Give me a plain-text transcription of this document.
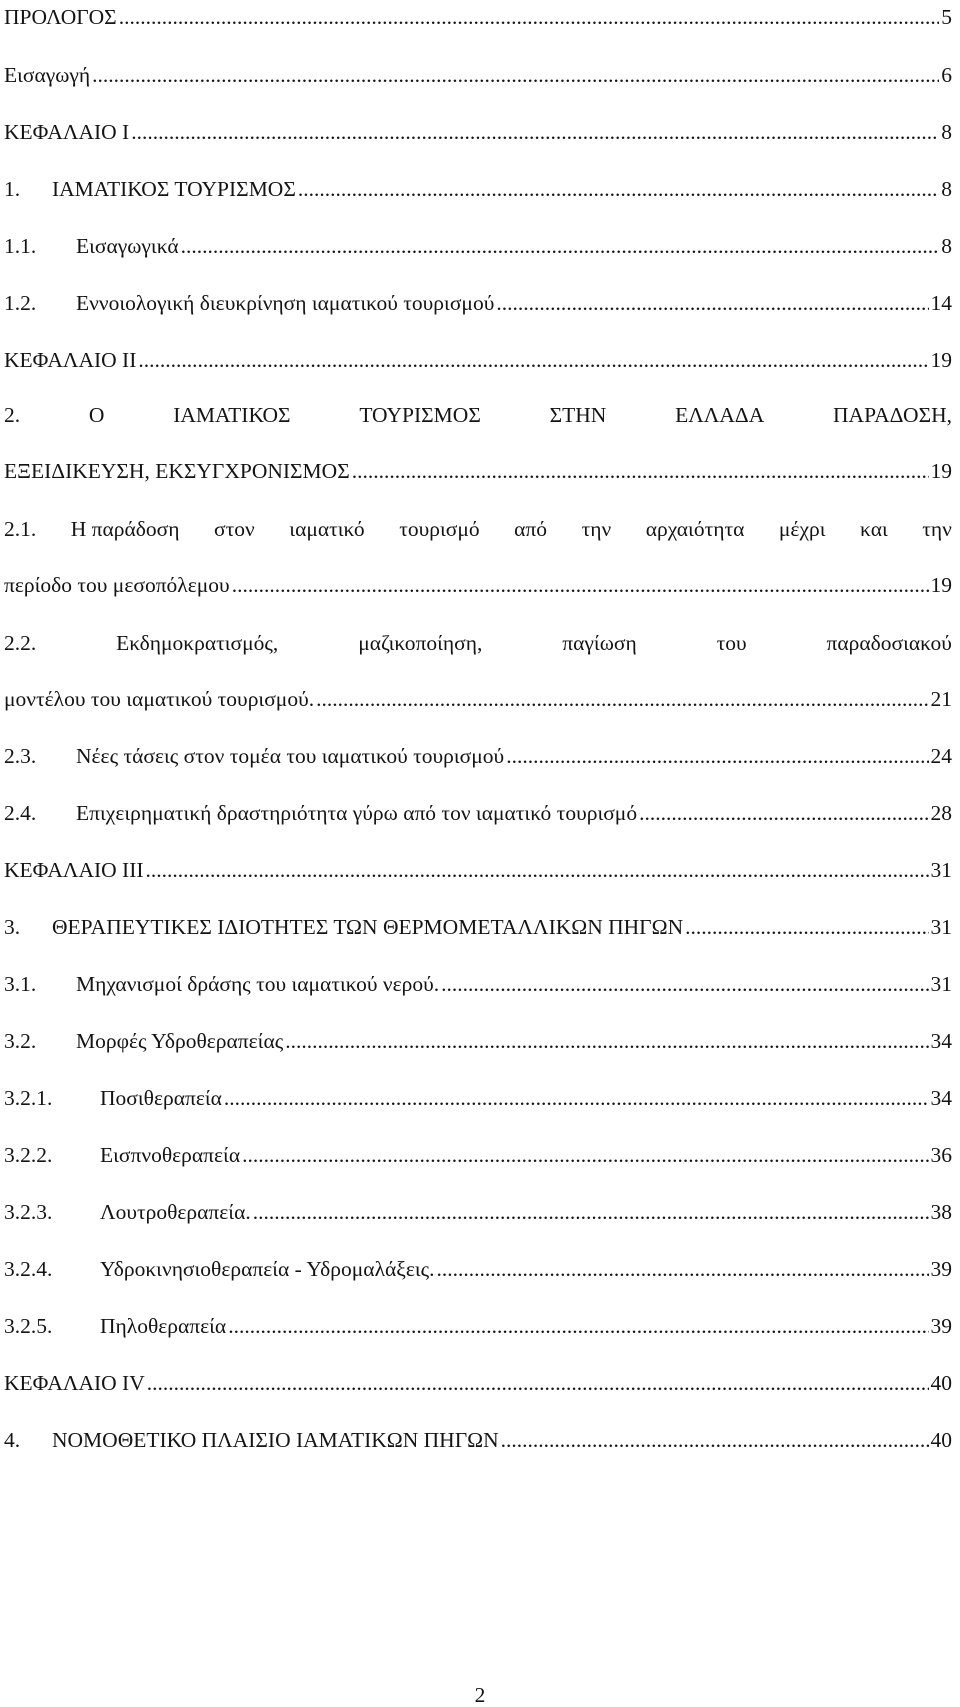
ΠΡΟΛΟΓΟΣ .....	5
Εισαγωγή .....	6
ΚΕΦΑΛΑΙΟ Ι .....	8
1.	ΙΑΜΑΤΙΚΟΣ ΤΟΥΡΙΣΜΟΣ .....	8
1.1.	Εισαγωγικά .....	8
1.2.	Εννοιολογική διευκρίνηση ιαματικού τουρισμού .....	14
ΚΕΦΑΛΑΙΟ ΙΙ .....	19
2.	Ο	ΙΑΜΑΤΙΚΟΣ	ΤΟΥΡΙΣΜΟΣ	ΣΤΗΝ	ΕΛΛΑΔΑ	ΠΑΡΑΔΟΣΗ,
ΕΞΕΙΔΙΚΕΥΣΗ, ΕΚΣΥΓΧΡΟΝΙΣΜΟΣ .....	19
2.1. Η παράδοση στον ιαματικό τουρισμό από την αρχαιότητα μέχρι και την
περίοδο του μεσοπόλεμου .....	19
2.2.	Εκδημοκρατισμός,	μαζικοποίηση,	παγίωση	του	παραδοσιακού
μοντέλου του ιαματικού τουρισμού. .....	21
2.3.	Νέες τάσεις στον τομέα του ιαματικού τουρισμού .....	24
2.4.	Επιχειρηματική δραστηριότητα γύρω από τον ιαματικό τουρισμό .....	28
ΚΕΦΑΛΑΙΟ ΙΙΙ .....	31
3.	ΘΕΡΑΠΕΥΤΙΚΕΣ ΙΔΙΟΤΗΤΕΣ ΤΩΝ ΘΕΡΜΟΜΕΤΑΛΛΙΚΩΝ ΠΗΓΩΝ .....	31
3.1.	Μηχανισμοί δράσης του ιαματικού νερού. .....	31
3.2.	Μορφές Υδροθεραπείας .....	34
3.2.1.	Ποσιθεραπεία .....	34
3.2.2.	Εισπνοθεραπεία .....	36
3.2.3.	Λουτροθεραπεία. .....	38
3.2.4.	Υδροκινησιοθεραπεία - Υδρομαλάξεις. .....	39
3.2.5.	Πηλοθεραπεία .....	39
ΚΕΦΑΛΑΙΟ IV .....	40
4.	ΝΟΜΟΘΕΤΙΚΟ ΠΛΑΙΣΙΟ ΙΑΜΑΤΙΚΩΝ ΠΗΓΩΝ .....	40
2
